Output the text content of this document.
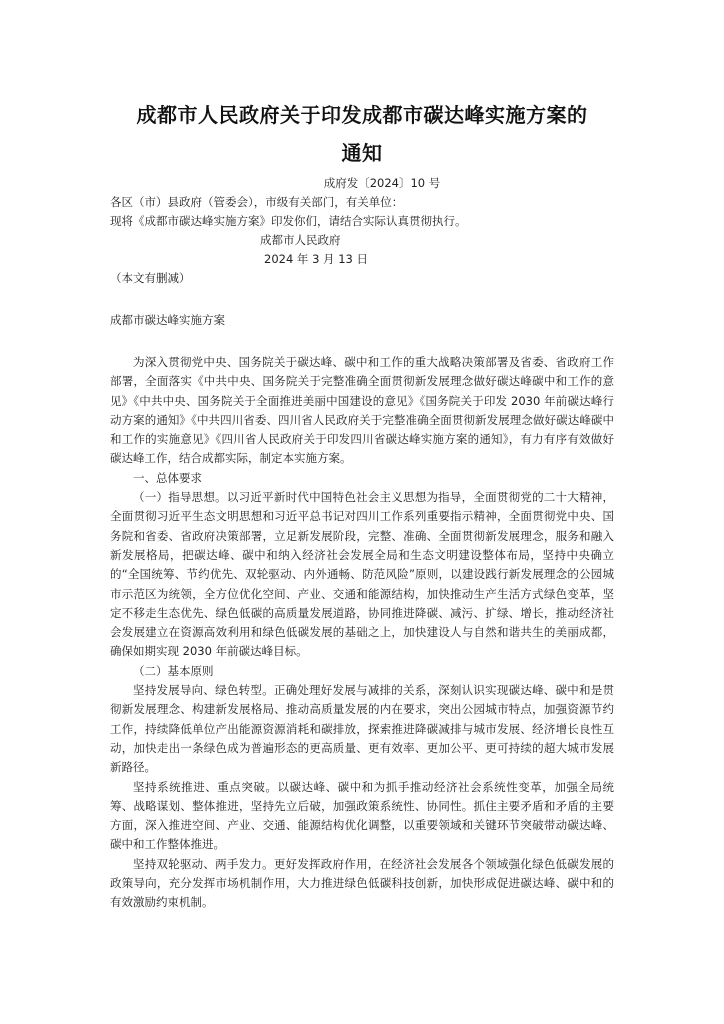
成都市人民政府关于印发成都市碳达峰实施方案的
通知
成府发〔2024〕10 号
各区（市）县政府（管委会），市级有关部门，有关单位：
现将《成都市碳达峰实施方案》印发你们，请结合实际认真贯彻执行。
成都市人民政府
2024 年 3 月 13 日
（本文有删减）
成都市碳达峰实施方案

为深入贯彻党中央、国务院关于碳达峰、碳中和工作的重大战略决策部署及省委、省政府工作部署，全面落实《中共中央、国务院关于完整准确全面贯彻新发展理念做好碳达峰碳中和工作的意见》《中共中央、国务院关于全面推进美丽中国建设的意见》《国务院关于印发 2030 年前碳达峰行动方案的通知》《中共四川省委、四川省人民政府关于完整准确全面贯彻新发展理念做好碳达峰碳中和工作的实施意见》《四川省人民政府关于印发四川省碳达峰实施方案的通知》，有力有序有效做好碳达峰工作，结合成都实际，制定本实施方案。

一、总体要求

（一）指导思想。以习近平新时代中国特色社会主义思想为指导，全面贯彻党的二十大精神，全面贯彻习近平生态文明思想和习近平总书记对四川工作系列重要指示精神，全面贯彻党中央、国务院和省委、省政府决策部署，立足新发展阶段，完整、准确、全面贯彻新发展理念，服务和融入新发展格局，把碳达峰、碳中和纳入经济社会发展全局和生态文明建设整体布局，坚持中央确立的“全国统筹、节约优先、双轮驱动、内外通畅、防范风险”原则，以建设践行新发展理念的公园城市示范区为统领，全方位优化空间、产业、交通和能源结构，加快推动生产生活方式绿色变革，坚定不移走生态优先、绿色低碳的高质量发展道路，协同推进降碳、减污、扩绿、增长，推动经济社会发展建立在资源高效利用和绿色低碳发展的基础之上，加快建设人与自然和谐共生的美丽成都，确保如期实现 2030 年前碳达峰目标。

（二）基本原则

坚持发展导向、绿色转型。正确处理好发展与减排的关系，深刻认识实现碳达峰、碳中和是贯彻新发展理念、构建新发展格局、推动高质量发展的内在要求，突出公园城市特点，加强资源节约工作，持续降低单位产出能源资源消耗和碳排放，探索推进降碳减排与城市发展、经济增长良性互动，加快走出一条绿色成为普遍形态的更高质量、更有效率、更加公平、更可持续的超大城市发展新路径。

坚持系统推进、重点突破。以碳达峰、碳中和为抓手推动经济社会系统性变革，加强全局统筹、战略谋划、整体推进，坚持先立后破，加强政策系统性、协同性。抓住主要矛盾和矛盾的主要方面，深入推进空间、产业、交通、能源结构优化调整，以重要领域和关键环节突破带动碳达峰、碳中和工作整体推进。

坚持双轮驱动、两手发力。更好发挥政府作用，在经济社会发展各个领域强化绿色低碳发展的政策导向，充分发挥市场机制作用，大力推进绿色低碳科技创新，加快形成促进碳达峰、碳中和的有效激励约束机制。
